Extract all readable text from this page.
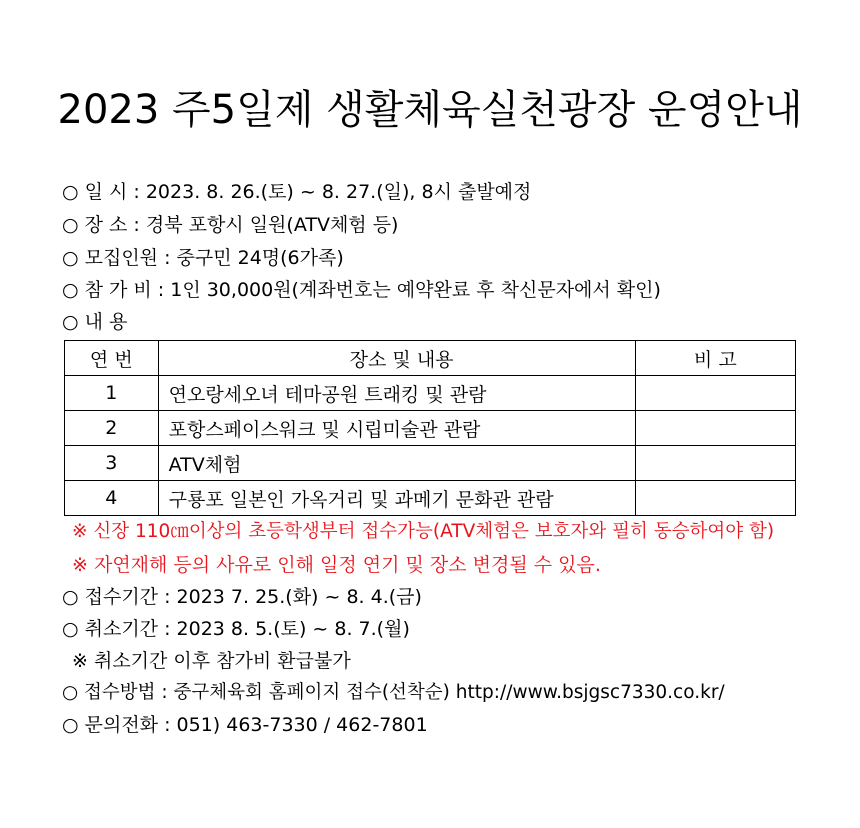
2023 주5일제 생활체육실천광장 운영안내
○ 일 시 : 2023. 8. 26.(토) ~ 8. 27.(일), 8시 출발예정
○ 장 소 : 경북 포항시 일원(ATV체험 등)
○ 모집인원 : 중구민 24명(6가족)
○ 참 가 비 : 1인 30,000원(계좌번호는 예약완료 후 착신문자에서 확인)
○ 내 용
연 번	장소 및 내용	비 고
1	연오랑세오녀 테마공원 트래킹 및 관람	
2	포항스페이스워크 및 시립미술관 관람	
3	ATV체험	
4	구룡포 일본인 가옥거리 및 과메기 문화관 관람	
※ 신장 110㎝이상의 초등학생부터 접수가능(ATV체험은 보호자와 필히 동승하여야 함)
※ 자연재해 등의 사유로 인해 일정 연기 및 장소 변경될 수 있음.
○ 접수기간 : 2023 7. 25.(화) ~ 8. 4.(금)
○ 취소기간 : 2023 8. 5.(토) ~ 8. 7.(월)
※ 취소기간 이후 참가비 환급불가
○ 접수방법 : 중구체육회 홈페이지 접수(선착순) http://www.bsjgsc7330.co.kr/
○ 문의전화 : 051) 463-7330 / 462-7801
